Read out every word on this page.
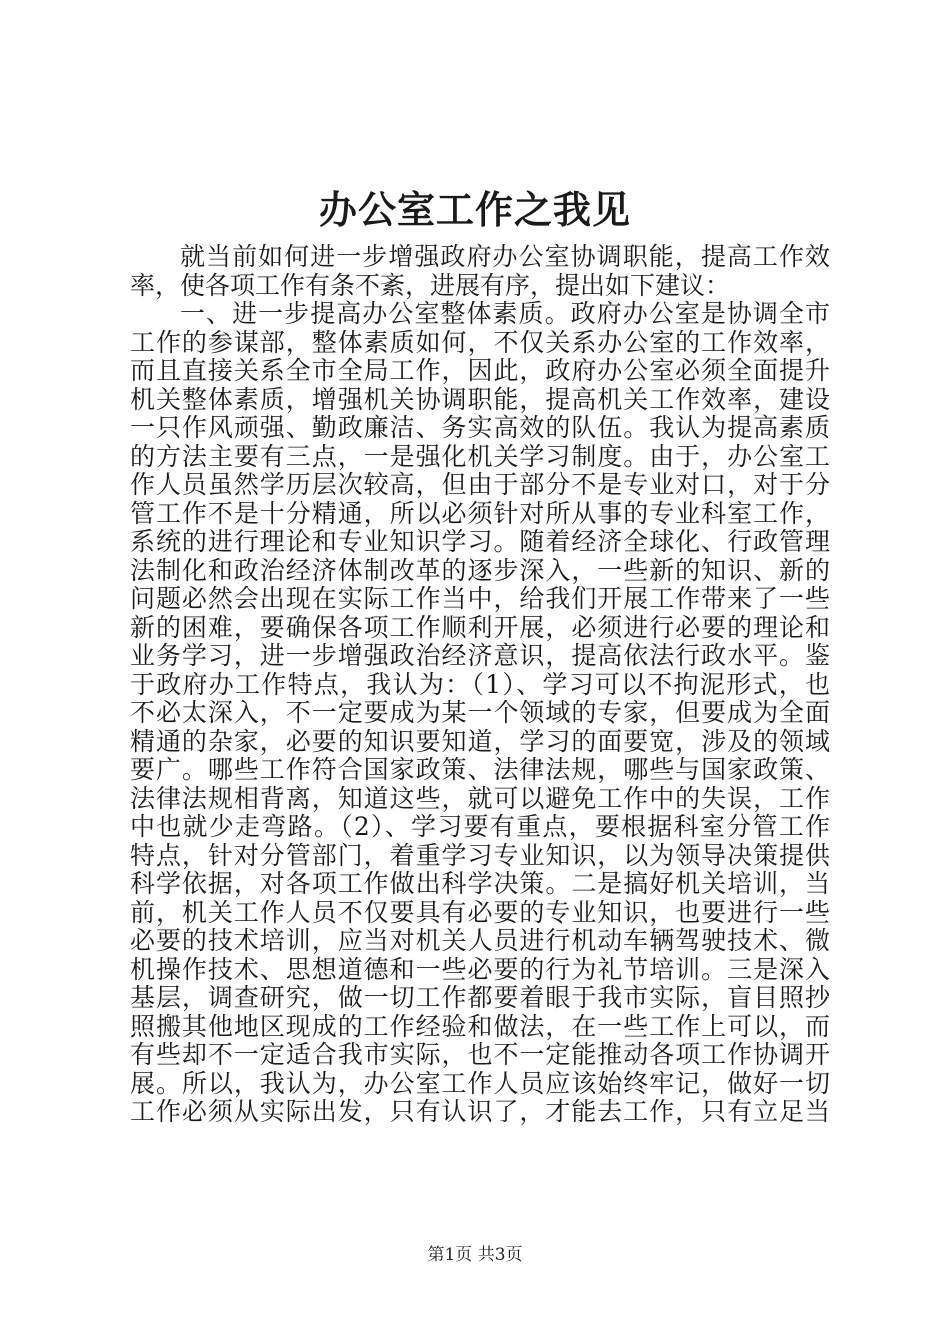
办公室工作之我见
就当前如何进一步增强政府办公室协调职能，提高工作效
率，使各项工作有条不紊，进展有序，提出如下建议：
一、进一步提高办公室整体素质。政府办公室是协调全市
工作的参谋部，整体素质如何，不仅关系办公室的工作效率，
而且直接关系全市全局工作，因此，政府办公室必须全面提升
机关整体素质，增强机关协调职能，提高机关工作效率，建设
一只作风顽强、勤政廉洁、务实高效的队伍。我认为提高素质
的方法主要有三点，一是强化机关学习制度。由于，办公室工
作人员虽然学历层次较高，但由于部分不是专业对口，对于分
管工作不是十分精通，所以必须针对所从事的专业科室工作，
系统的进行理论和专业知识学习。随着经济全球化、行政管理
法制化和政治经济体制改革的逐步深入，一些新的知识、新的
问题必然会出现在实际工作当中，给我们开展工作带来了一些
新的困难，要确保各项工作顺利开展，必须进行必要的理论和
业务学习，进一步增强政治经济意识，提高依法行政水平。鉴
于政府办工作特点，我认为：（1）、学习可以不拘泥形式，也
不必太深入，不一定要成为某一个领域的专家，但要成为全面
精通的杂家，必要的知识要知道，学习的面要宽，涉及的领域
要广。哪些工作符合国家政策、法律法规，哪些与国家政策、
法律法规相背离，知道这些，就可以避免工作中的失误，工作
中也就少走弯路。（2）、学习要有重点，要根据科室分管工作
特点，针对分管部门，着重学习专业知识，以为领导决策提供
科学依据，对各项工作做出科学决策。二是搞好机关培训，当
前，机关工作人员不仅要具有必要的专业知识，也要进行一些
必要的技术培训，应当对机关人员进行机动车辆驾驶技术、微
机操作技术、思想道德和一些必要的行为礼节培训。三是深入
基层，调查研究，做一切工作都要着眼于我市实际，盲目照抄
照搬其他地区现成的工作经验和做法，在一些工作上可以，而
有些却不一定适合我市实际，也不一定能推动各项工作协调开
展。所以，我认为，办公室工作人员应该始终牢记，做好一切
工作必须从实际出发，只有认识了，才能去工作，只有立足当
第1页 共3页
